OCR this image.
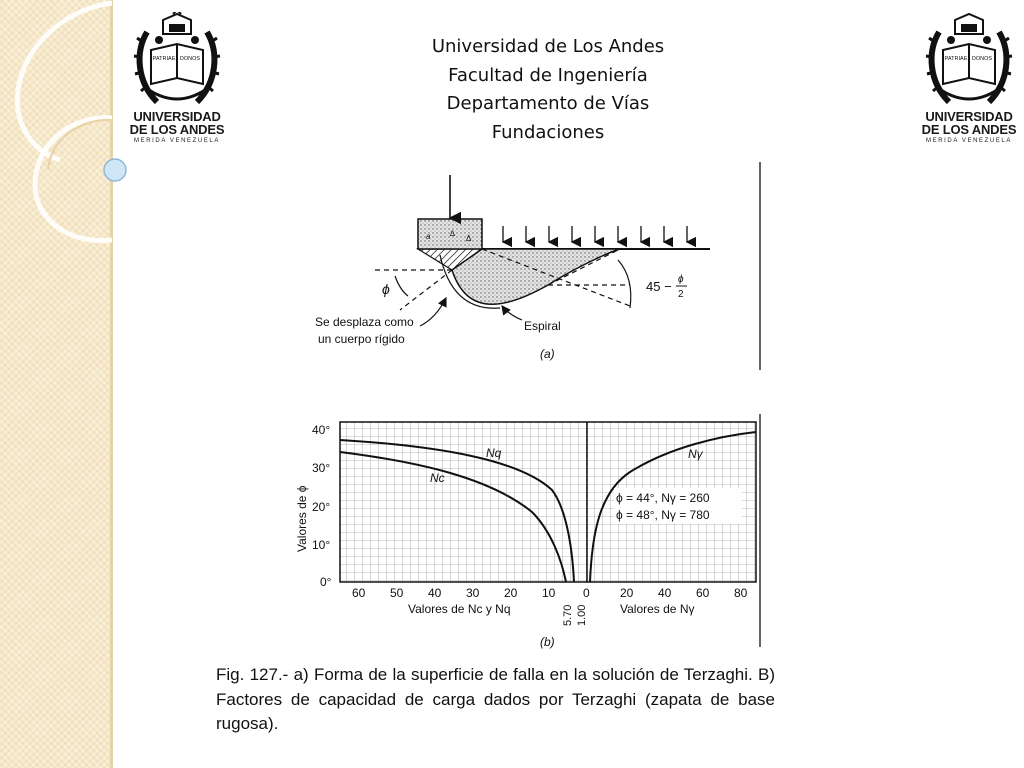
PATRIAE DONOS
UNIVERSIDAD
DE LOS ANDES
MERIDA VENEZUELA
PATRIAE DONOS
UNIVERSIDAD
DE LOS ANDES
MERIDA VENEZUELA
Universidad de Los Andes
Facultad de Ingeniería
Departamento de Vías
Fundaciones
a ∆
Δ
ϕ	45 − ϕ
2
Se desplaza como
un cuerpo rígido
Espiral
(a)
40°
30°
20°
10°
0°
Valores de ϕ
Nq
Nc
Nγ
ϕ = 44°, Nγ = 260
ϕ = 48°, Nγ = 780
60 50 40 30 20 10 0	20 40 60 80
5.70 1.00
Valores de Nc y Nq	Valores de Nγ
(b)
Fig. 127.- a) Forma de la superficie de falla en la solución de Terzaghi. B) Factores de capacidad de carga dados por Terzaghi (zapata de base rugosa).
